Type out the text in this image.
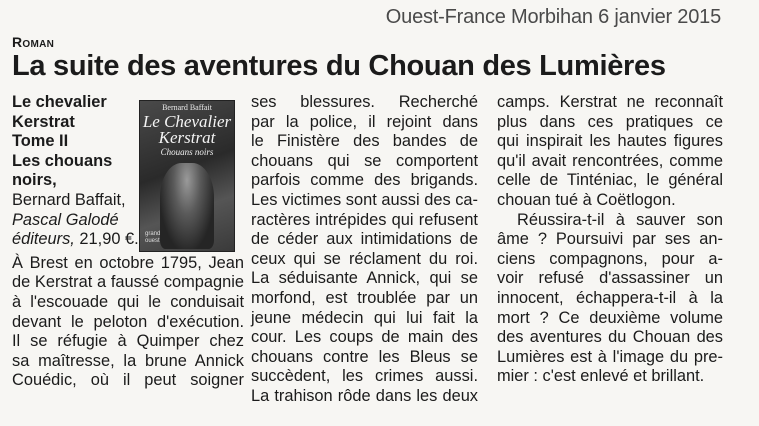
Ouest-France Morbihan 6 janvier 2015
Roman
La suite des aventures du Chouan des Lumières
Le chevalier
Kerstrat
Tome II
Les chouans
noirs,
Bernard Baffait,
Pascal Galodé
éditeurs, 21,90 €.
À Brest en octobre 1795, Jean
de Kerstrat a faussé compagnie
à l'escouade qui le conduisait
devant le peloton d'exécution.
Il se réfugie à Quimper chez
sa maîtresse, la brune Annick
Couédic, où il peut soigner
Bernard Baffait
Le Chevalier Kerstrat
Chouans noirs
grand ouest
ses blessures. Recherché
par la police, il rejoint dans
le Finistère des bandes de
chouans qui se comportent
parfois comme des brigands.
Les victimes sont aussi des ca-
ractères intrépides qui refusent
de céder aux intimidations de
ceux qui se réclament du roi.
La séduisante Annick, qui se
morfond, est troublée par un
jeune médecin qui lui fait la
cour. Les coups de main des
chouans contre les Bleus se
succèdent, les crimes aussi.
La trahison rôde dans les deux
camps. Kerstrat ne reconnaît
plus dans ces pratiques ce
qui inspirait les hautes figures
qu'il avait rencontrées, comme
celle de Tinténiac, le général
chouan tué à Coëtlogon.
Réussira-t-il à sauver son
âme ? Poursuivi par ses an-
ciens compagnons, pour a-
voir refusé d'assassiner un
innocent, échappera-t-il à la
mort ? Ce deuxième volume
des aventures du Chouan des
Lumières est à l'image du pre-
mier : c'est enlevé et brillant.
